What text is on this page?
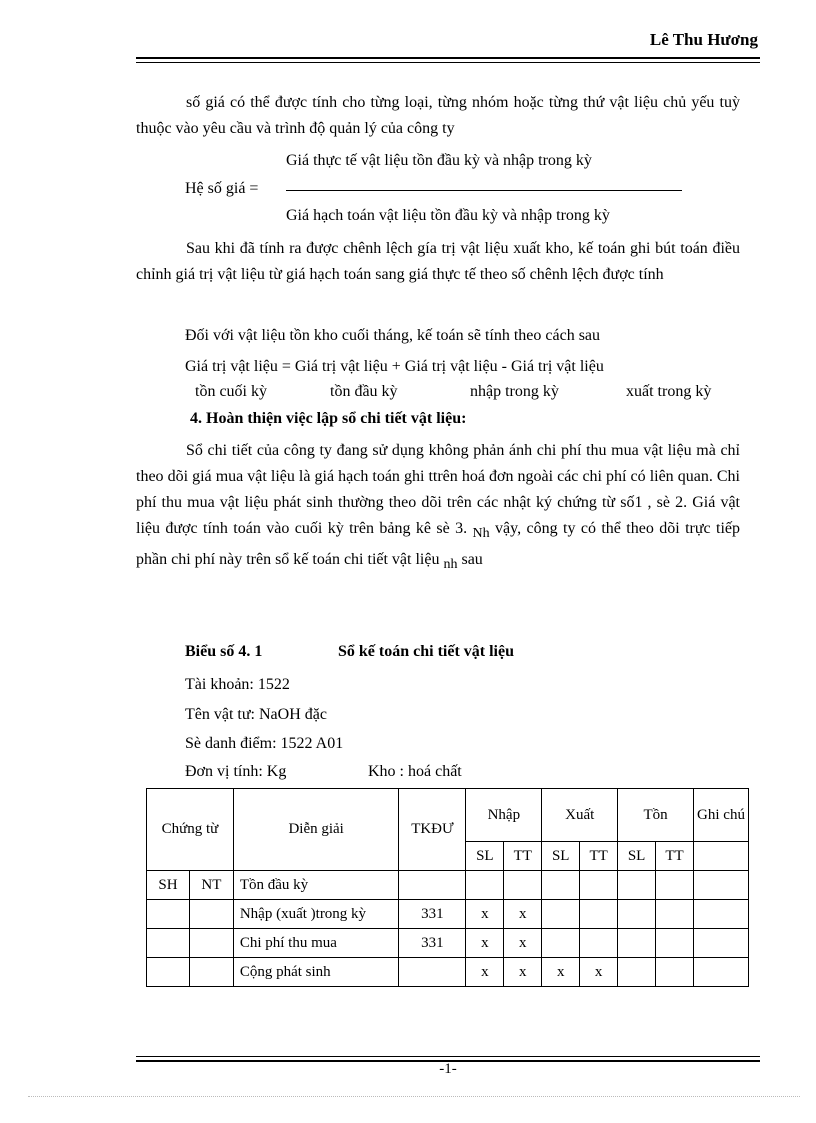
Lê Thu Hương
số giá có thể được tính cho từng loại, từng nhóm hoặc từng thứ vật liệu chủ yếu tuỳ thuộc vào yêu cầu và trình độ quản lý của công ty
Giá thực tế vật liệu tồn đầu kỳ và nhập trong kỳ
Hệ số giá =
Giá hạch toán vật liệu tồn đầu kỳ và nhập trong kỳ
Sau khi đã tính ra được chênh lệch gía trị vật liệu xuất kho, kế toán ghi bút toán điều chỉnh giá trị vật liệu từ giá hạch toán sang giá thực tế theo số chênh lệch được tính
Đối với vật liệu tồn kho cuối tháng, kế toán sẽ tính theo cách sau
Giá trị vật liệu = Giá trị vật liệu + Giá trị vật liệu - Giá trị vật liệu
tồn cuối kỳ	tồn đầu kỳ	nhập trong kỳ	xuất trong kỳ
4. Hoàn thiện việc lập sổ chi tiết vật liệu:
Sổ chi tiết của công ty đang sử dụng không phản ánh chi phí thu mua vật liệu mà chỉ theo dõi giá mua vật liệu là giá hạch toán ghi ttrên hoá đơn ngoài các chi phí có liên quan. Chi phí thu mua vật liệu phát sinh thường theo dõi trên các nhật ký chứng từ số1 , sè 2. Giá vật liệu được tính toán vào cuối kỳ trên bảng kê sè 3. $_{Nh}$ vậy, công ty có thể theo dõi trực tiếp phần chi phí này trên sổ kế toán chi tiết vật liệu $_{nh}$ sau
Biểu số 4. 1	Sổ kế toán chi tiết vật liệu
Tài khoản: 1522
Tên vật tư: NaOH đặc
Sè danh điểm: 1522 A01
Đơn vị tính: Kg	Kho : hoá chất
Chứng từ		Diễn giải	TKĐƯ	Nhập		Xuất		Tồn		Ghi chú
				SL	TT	SL	TT	SL	TT	
SH	NT	Tồn đầu kỳ								
		Nhập (xuất )trong kỳ	331	x	x					
		Chi phí thu mua	331	x	x					
		Cộng phát sinh		x	x	x	x			
-1-
